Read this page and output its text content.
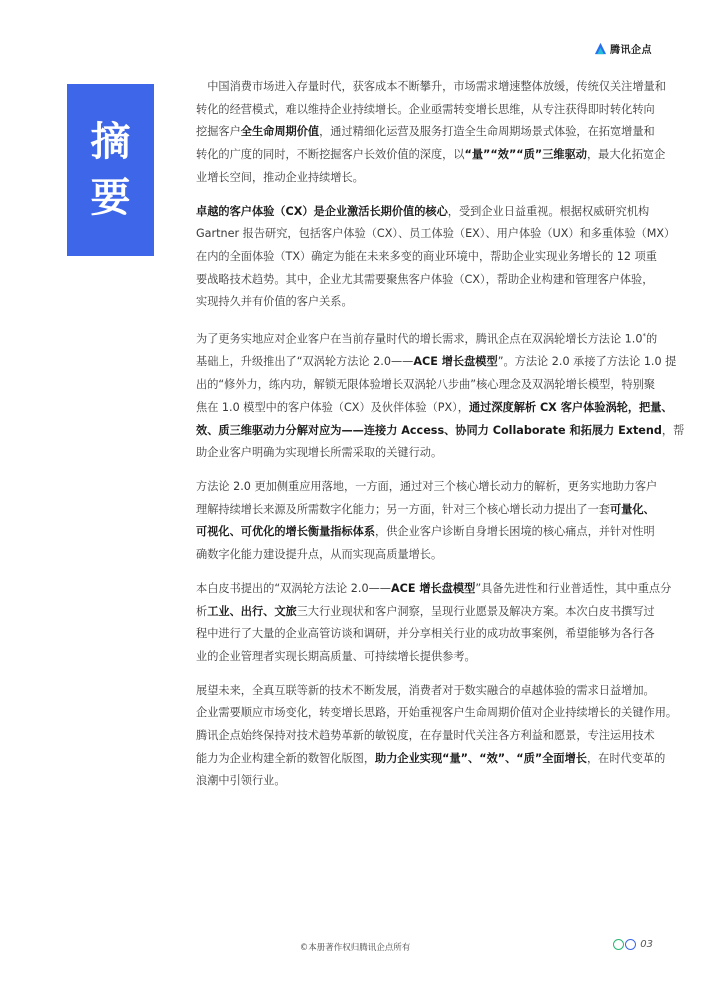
腾讯企点
摘
要

 中国消费市场进入存量时代，获客成本不断攀升，市场需求增速整体放缓，传统仅关注增量和
转化的经营模式，难以维持企业持续增长。企业亟需转变增长思维，从专注获得即时转化转向
挖掘客户全生命周期价值，通过精细化运营及服务打造全生命周期场景式体验，在拓宽增量和
转化的广度的同时，不断挖掘客户长效价值的深度，以“量”“效”“质”三维驱动，最大化拓宽企
业增长空间，推动企业持续增长。

卓越的客户体验（CX）是企业激活长期价值的核心，受到企业日益重视。根据权威研究机构
Gartner 报告研究，包括客户体验（CX）、员工体验（EX）、用户体验（UX）和多重体验（MX）
在内的全面体验（TX）确定为能在未来多变的商业环境中，帮助企业实现业务增长的 12 项重
要战略技术趋势。其中，企业尤其需要聚焦客户体验（CX），帮助企业构建和管理客户体验，
实现持久并有价值的客户关系。

为了更务实地应对企业客户在当前存量时代的增长需求，腾讯企点在双涡轮增长方法论 1.0*的
基础上，升级推出了“双涡轮方法论 2.0——ACE 增长盘模型”。方法论 2.0 承接了方法论 1.0 提
出的“修外力，练内功，解锁无限体验增长双涡轮八步曲”核心理念及双涡轮增长模型，特别聚
焦在 1.0 模型中的客户体验（CX）及伙伴体验（PX），通过深度解析 CX 客户体验涡轮，把量、
效、质三维驱动力分解对应为——连接力 Access、协同力 Collaborate 和拓展力 Extend，帮
助企业客户明确为实现增长所需采取的关键行动。

方法论 2.0 更加侧重应用落地，一方面，通过对三个核心增长动力的解析，更务实地助力客户
理解持续增长来源及所需数字化能力；另一方面，针对三个核心增长动力提出了一套可量化、
可视化、可优化的增长衡量指标体系，供企业客户诊断自身增长困境的核心痛点，并针对性明
确数字化能力建设提升点，从而实现高质量增长。

本白皮书提出的“双涡轮方法论 2.0——ACE 增长盘模型”具备先进性和行业普适性，其中重点分
析工业、出行、文旅三大行业现状和客户洞察，呈现行业愿景及解决方案。本次白皮书撰写过
程中进行了大量的企业高管访谈和调研，并分享相关行业的成功故事案例，希望能够为各行各
业的企业管理者实现长期高质量、可持续增长提供参考。

展望未来，全真互联等新的技术不断发展，消费者对于数实融合的卓越体验的需求日益增加。
企业需要顺应市场变化，转变增长思路，开始重视客户生命周期价值对企业持续增长的关键作用。
腾讯企点始终保持对技术趋势革新的敏锐度，在存量时代关注各方利益和愿景，专注运用技术
能力为企业构建全新的数智化版图，助力企业实现“量”、“效”、“质”全面增长，在时代变革的
浪潮中引领行业。

©本册著作权归腾讯企点所有	03
